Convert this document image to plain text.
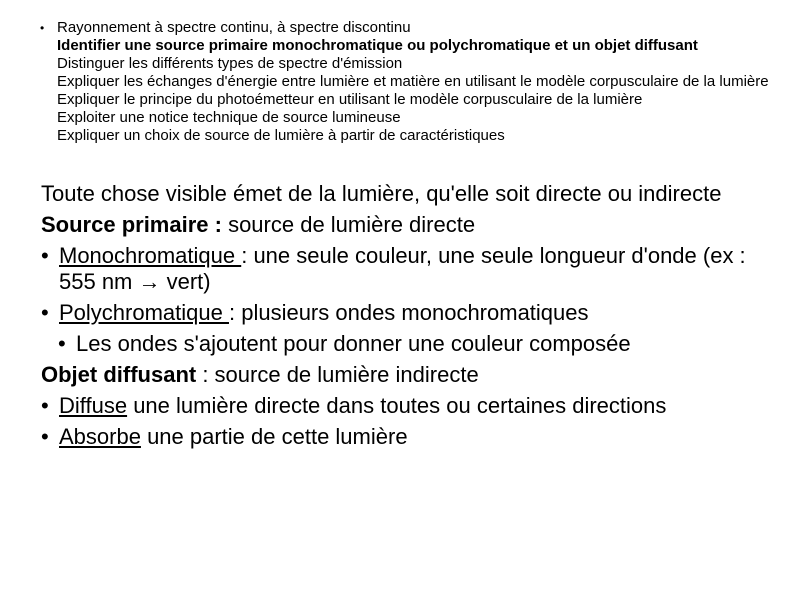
• Rayonnement à spectre continu, à spectre discontinu
Identifier une source primaire monochromatique ou polychromatique et un objet diffusant
Distinguer les différents types de spectre d'émission
Expliquer les échanges d'énergie entre lumière et matière en utilisant le modèle corpusculaire de la lumière
Expliquer le principe du photoémetteur en utilisant le modèle corpusculaire de la lumière
Exploiter une notice technique de source lumineuse
Expliquer un choix de source de lumière à partir de caractéristiques
Toute chose visible émet de la lumière, qu'elle soit directe ou indirecte
Source primaire : source de lumière directe
• Monochromatique : une seule couleur, une seule longueur d'onde (ex : 555 nm → vert)
• Polychromatique : plusieurs ondes monochromatiques
• Les ondes s'ajoutent pour donner une couleur composée
Objet diffusant : source de lumière indirecte
• Diffuse une lumière directe dans toutes ou certaines directions
• Absorbe une partie de cette lumière
